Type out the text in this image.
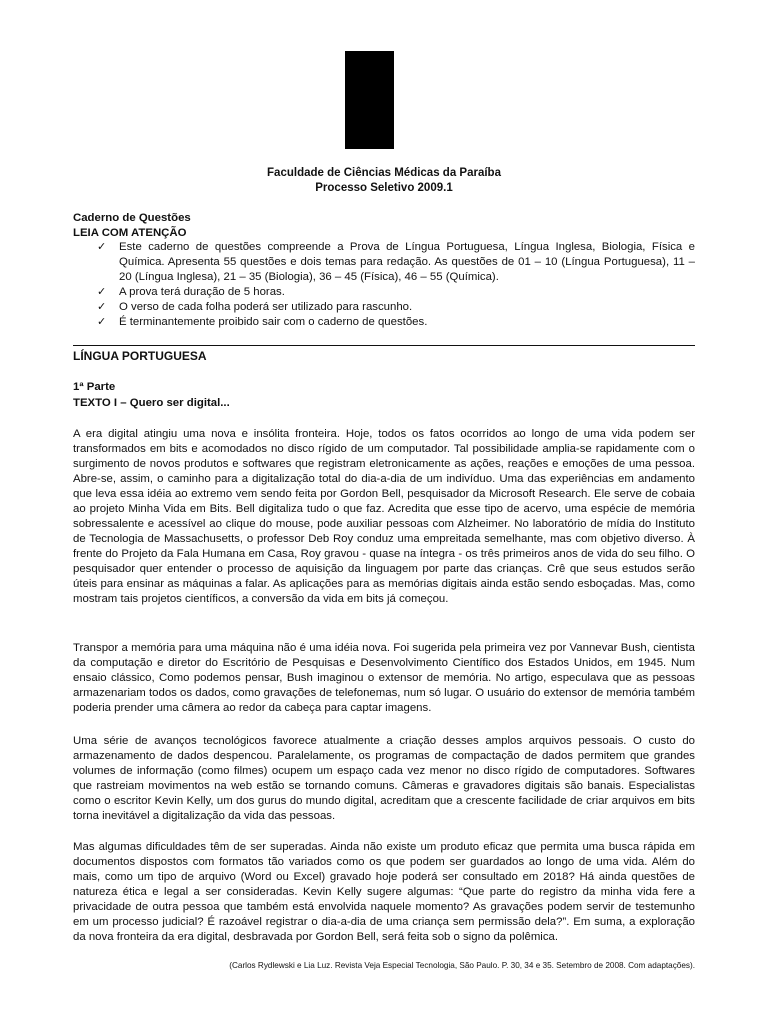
Faculdade de Ciências Médicas da Paraíba
Processo Seletivo 2009.1
Caderno de Questões
LEIA COM ATENÇÃO
✓ Este caderno de questões compreende a Prova de Língua Portuguesa, Língua Inglesa, Biologia, Física e Química. Apresenta 55 questões e dois temas para redação. As questões de 01 – 10 (Língua Portuguesa), 11 – 20 (Língua Inglesa), 21 – 35 (Biologia), 36 – 45 (Física), 46 – 55 (Química).
✓ A prova terá duração de 5 horas.
✓ O verso de cada folha poderá ser utilizado para rascunho.
✓ É terminantemente proibido sair com o caderno de questões.
LÍNGUA PORTUGUESA
1ª Parte
TEXTO I – Quero ser digital...
A era digital atingiu uma nova e insólita fronteira. Hoje, todos os fatos ocorridos ao longo de uma vida podem ser transformados em bits e acomodados no disco rígido de um computador. Tal possibilidade amplia-se rapidamente com o surgimento de novos produtos e softwares que registram eletronicamente as ações, reações e emoções de uma pessoa. Abre-se, assim, o caminho para a digitalização total do dia-a-dia de um indivíduo. Uma das experiências em andamento que leva essa idéia ao extremo vem sendo feita por Gordon Bell, pesquisador da Microsoft Research. Ele serve de cobaia ao projeto Minha Vida em Bits. Bell digitaliza tudo o que faz. Acredita que esse tipo de acervo, uma espécie de memória sobressalente e acessível ao clique do mouse, pode auxiliar pessoas com Alzheimer. No laboratório de mídia do Instituto de Tecnologia de Massachusetts, o professor Deb Roy conduz uma empreitada semelhante, mas com objetivo diverso. À frente do Projeto da Fala Humana em Casa, Roy gravou - quase na íntegra - os três primeiros anos de vida do seu filho. O pesquisador quer entender o processo de aquisição da linguagem por parte das crianças. Crê que seus estudos serão úteis para ensinar as máquinas a falar. As aplicações para as memórias digitais ainda estão sendo esboçadas. Mas, como mostram tais projetos científicos, a conversão da vida em bits já começou.
Transpor a memória para uma máquina não é uma idéia nova. Foi sugerida pela primeira vez por Vannevar Bush, cientista da computação e diretor do Escritório de Pesquisas e Desenvolvimento Científico dos Estados Unidos, em 1945. Num ensaio clássico, Como podemos pensar, Bush imaginou o extensor de memória. No artigo, especulava que as pessoas armazenariam todos os dados, como gravações de telefonemas, num só lugar. O usuário do extensor de memória também poderia prender uma câmera ao redor da cabeça para captar imagens.
Uma série de avanços tecnológicos favorece atualmente a criação desses amplos arquivos pessoais. O custo do armazenamento de dados despencou. Paralelamente, os programas de compactação de dados permitem que grandes volumes de informação (como filmes) ocupem um espaço cada vez menor no disco rígido de computadores. Softwares que rastreiam movimentos na web estão se tornando comuns. Câmeras e gravadores digitais são banais. Especialistas como o escritor Kevin Kelly, um dos gurus do mundo digital, acreditam que a crescente facilidade de criar arquivos em bits torna inevitável a digitalização da vida das pessoas.
Mas algumas dificuldades têm de ser superadas. Ainda não existe um produto eficaz que permita uma busca rápida em documentos dispostos com formatos tão variados como os que podem ser guardados ao longo de uma vida. Além do mais, como um tipo de arquivo (Word ou Excel) gravado hoje poderá ser consultado em 2018? Há ainda questões de natureza ética e legal a ser consideradas. Kevin Kelly sugere algumas: “Que parte do registro da minha vida fere a privacidade de outra pessoa que também está envolvida naquele momento? As gravações podem servir de testemunho em um processo judicial? É razoável registrar o dia-a-dia de uma criança sem permissão dela?”. Em suma, a exploração da nova fronteira da era digital, desbravada por Gordon Bell, será feita sob o signo da polêmica.
(Carlos Rydlewski e Lia Luz. Revista Veja Especial Tecnologia, São Paulo. P. 30, 34 e 35. Setembro de 2008. Com adaptações).
